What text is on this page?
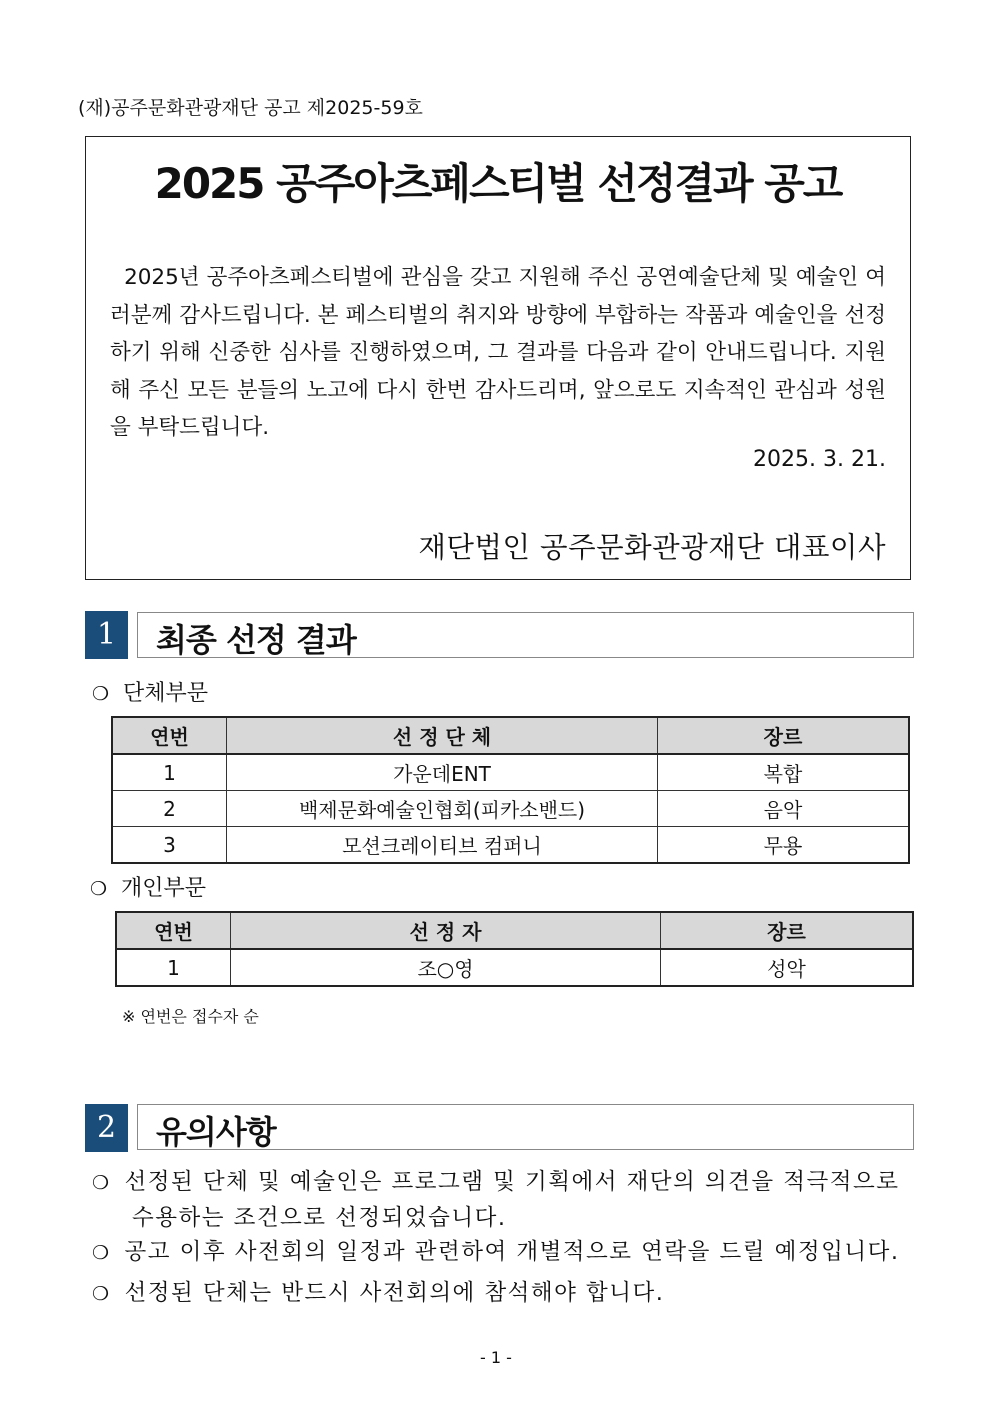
(재)공주문화관광재단 공고 제2025-59호
2025 공주아츠페스티벌 선정결과 공고
2025년 공주아츠페스티벌에 관심을 갖고 지원해 주신 공연예술단체 및 예술인 여러분께 감사드립니다. 본 페스티벌의 취지와 방향에 부합하는 작품과 예술인을 선정하기 위해 신중한 심사를 진행하였으며, 그 결과를 다음과 같이 안내드립니다. 지원해 주신 모든 분들의 노고에 다시 한번 감사드리며, 앞으로도 지속적인 관심과 성원을 부탁드립니다.
2025. 3. 21.
재단법인 공주문화관광재단 대표이사
1	최종 선정 결과
❍ 단체부문
연번	선 정 단 체	장르
1	가운데ENT	복합
2	백제문화예술인협회(피카소밴드)	음악
3	모션크레이티브 컴퍼니	무용
❍ 개인부문
연번	선 정 자	장르
1	조○영	성악
※ 연번은 접수자 순
2	유의사항
❍ 선정된 단체 및 예술인은 프로그램 및 기획에서 재단의 의견을 적극적으로
수용하는 조건으로 선정되었습니다.
❍ 공고 이후 사전회의 일정과 관련하여 개별적으로 연락을 드릴 예정입니다.
❍ 선정된 단체는 반드시 사전회의에 참석해야 합니다.
- 1 -
